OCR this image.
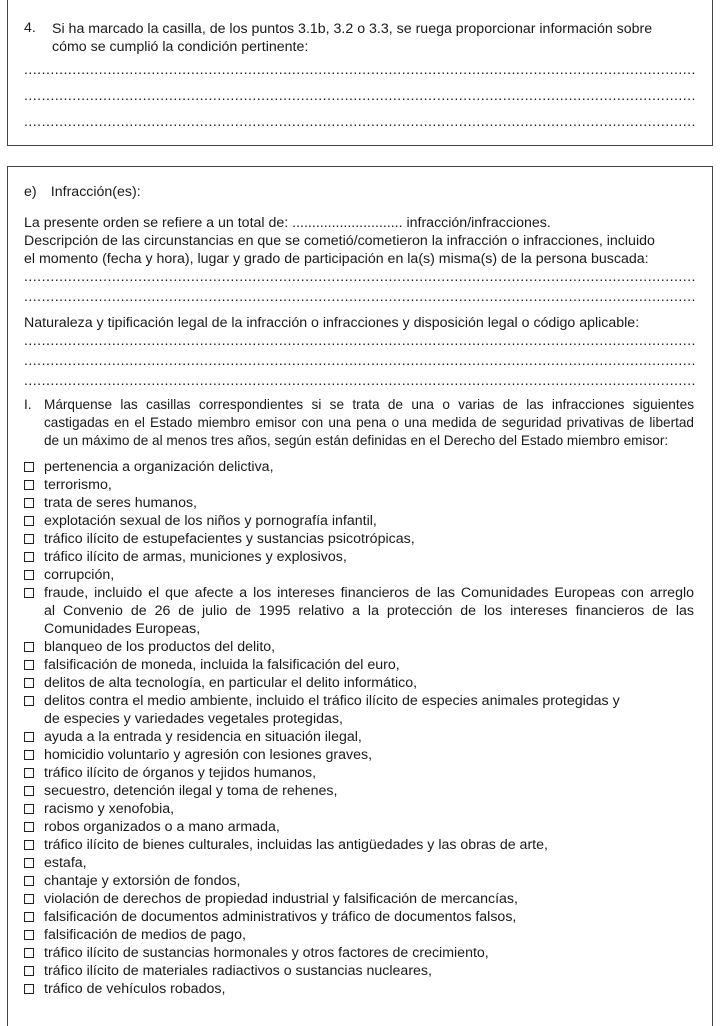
4. Si ha marcado la casilla, de los puntos 3.1b, 3.2 o 3.3, se ruega proporcionar información sobre
cómo se cumplió la condición pertinente:
.....
.....
.....
e) Infracción(es):
La presente orden se refiere a un total de: ............................ infracción/infracciones.
Descripción de las circunstancias en que se cometió/cometieron la infracción o infracciones, incluido
el momento (fecha y hora), lugar y grado de participación en la(s) misma(s) de la persona buscada:
.....
.....
Naturaleza y tipificación legal de la infracción o infracciones y disposición legal o código aplicable:
.....
.....
.....
I. Márquense las casillas correspondientes si se trata de una o varias de las infracciones siguientes
castigadas en el Estado miembro emisor con una pena o una medida de seguridad privativas de libertad
de un máximo de al menos tres años, según están definidas en el Derecho del Estado miembro emisor:
pertenencia a organización delictiva,
terrorismo,
trata de seres humanos,
explotación sexual de los niños y pornografía infantil,
tráfico ilícito de estupefacientes y sustancias psicotrópicas,
tráfico ilícito de armas, municiones y explosivos,
corrupción,
fraude, incluido el que afecte a los intereses financieros de las Comunidades Europeas con arreglo
al Convenio de 26 de julio de 1995 relativo a la protección de los intereses financieros de las
Comunidades Europeas,
blanqueo de los productos del delito,
falsificación de moneda, incluida la falsificación del euro,
delitos de alta tecnología, en particular el delito informático,
delitos contra el medio ambiente, incluido el tráfico ilícito de especies animales protegidas y
de especies y variedades vegetales protegidas,
ayuda a la entrada y residencia en situación ilegal,
homicidio voluntario y agresión con lesiones graves,
tráfico ilícito de órganos y tejidos humanos,
secuestro, detención ilegal y toma de rehenes,
racismo y xenofobia,
robos organizados o a mano armada,
tráfico ilícito de bienes culturales, incluidas las antigüedades y las obras de arte,
estafa,
chantaje y extorsión de fondos,
violación de derechos de propiedad industrial y falsificación de mercancías,
falsificación de documentos administrativos y tráfico de documentos falsos,
falsificación de medios de pago,
tráfico ilícito de sustancias hormonales y otros factores de crecimiento,
tráfico ilícito de materiales radiactivos o sustancias nucleares,
tráfico de vehículos robados,
